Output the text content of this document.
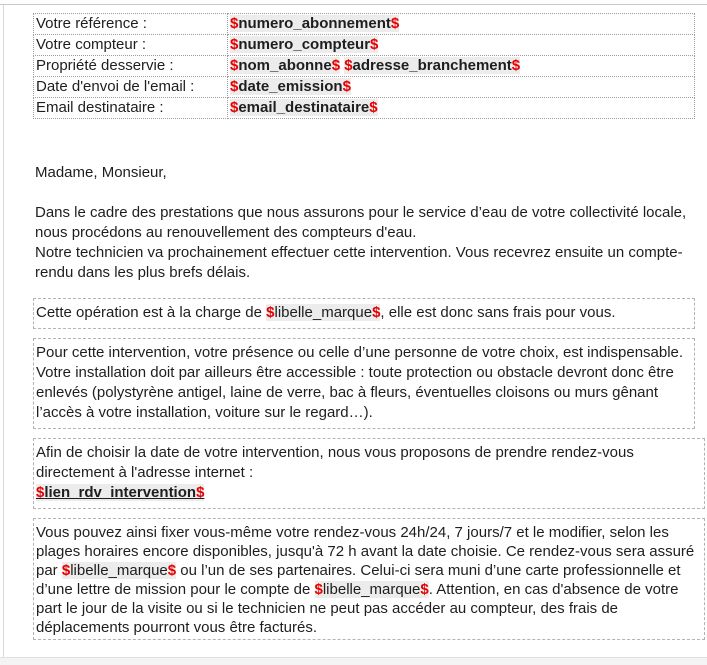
Votre référence :	$numero_abonnement$
Votre compteur :	$numero_compteur$
Propriété desservie :	$nom_abonne$ $adresse_branchement$
Date d'envoi de l'email :	$date_emission$
Email destinataire :	$email_destinataire$

Madame, Monsieur,

Dans le cadre des prestations que nous assurons pour le service d’eau de votre collectivité locale, nous procédons au renouvellement des compteurs d'eau.

Notre technicien va prochainement effectuer cette intervention. Vous recevrez ensuite un compte-rendu dans les plus brefs délais.

Cette opération est à la charge de $libelle_marque$, elle est donc sans frais pour vous.

Pour cette intervention, votre présence ou celle d’une personne de votre choix, est indispensable. Votre installation doit par ailleurs être accessible : toute protection ou obstacle devront donc être enlevés (polystyrène antigel, laine de verre, bac à fleurs, éventuelles cloisons ou murs gênant l’accès à votre installation, voiture sur le regard…).

Afin de choisir la date de votre intervention, nous vous proposons de prendre rendez-vous directement à l'adresse internet :

$lien_rdv_intervention$

Vous pouvez ainsi fixer vous-même votre rendez-vous 24h/24, 7 jours/7 et le modifier, selon les plages horaires encore disponibles, jusqu'à 72 h avant la date choisie. Ce rendez-vous sera assuré par $libelle_marque$ ou l’un de ses partenaires. Celui-ci sera muni d’une carte professionnelle et d’une lettre de mission pour le compte de $libelle_marque$. Attention, en cas d'absence de votre part le jour de la visite ou si le technicien ne peut pas accéder au compteur, des frais de déplacements pourront vous être facturés.
